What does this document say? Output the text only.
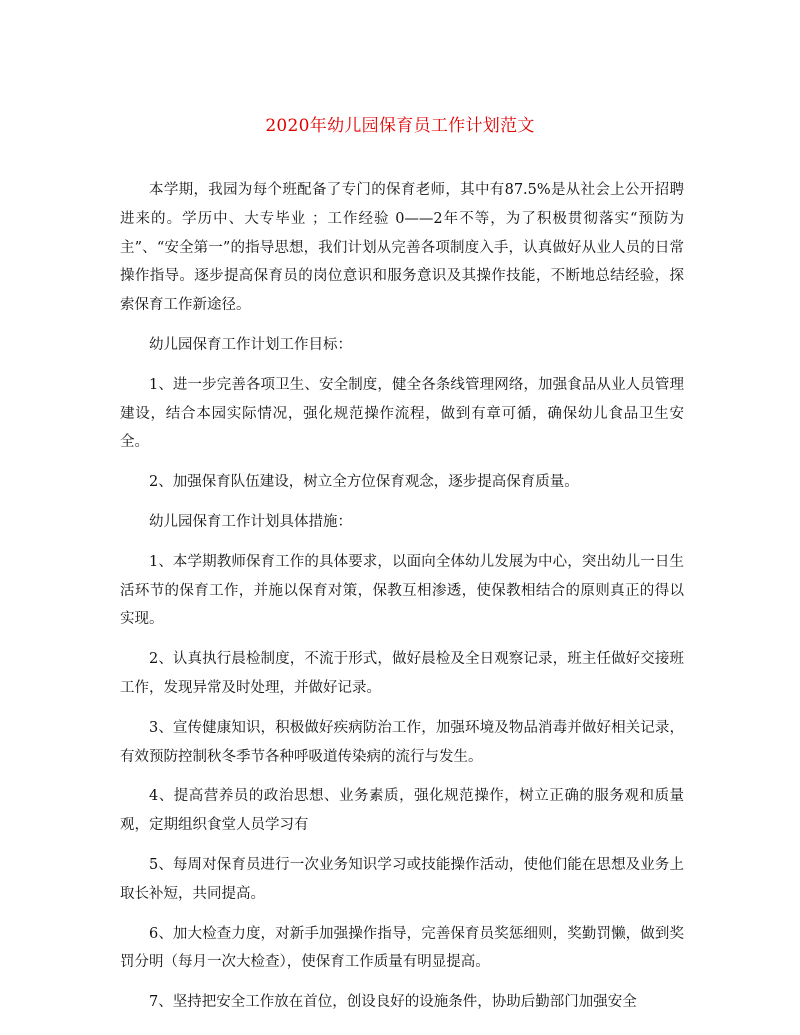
2020年幼儿园保育员工作计划范文

本学期，我园为每个班配备了专门的保育老师，其中有87.5%是从社会上公开招聘进来的。学历中、大专毕业 ；工作经验 0——2年不等，为了积极贯彻落实“预防为主”、“安全第一”的指导思想，我们计划从完善各项制度入手，认真做好从业人员的日常操作指导。逐步提高保育员的岗位意识和服务意识及其操作技能，不断地总结经验，探索保育工作新途径。

幼儿园保育工作计划工作目标：

1、进一步完善各项卫生、安全制度，健全各条线管理网络，加强食品从业人员管理建设，结合本园实际情况，强化规范操作流程，做到有章可循，确保幼儿食品卫生安全。

2、加强保育队伍建设，树立全方位保育观念，逐步提高保育质量。

幼儿园保育工作计划具体措施：

1、本学期教师保育工作的具体要求，以面向全体幼儿发展为中心，突出幼儿一日生活环节的保育工作，并施以保育对策，保教互相渗透，使保教相结合的原则真正的得以实现。

2、认真执行晨检制度，不流于形式，做好晨检及全日观察记录，班主任做好交接班工作，发现异常及时处理，并做好记录。

3、宣传健康知识，积极做好疾病防治工作，加强环境及物品消毒并做好相关记录，有效预防控制秋冬季节各种呼吸道传染病的流行与发生。

4、提高营养员的政治思想、业务素质，强化规范操作，树立正确的服务观和质量观，定期组织食堂人员学习有

5、每周对保育员进行一次业务知识学习或技能操作活动，使他们能在思想及业务上取长补短，共同提高。

6、加大检查力度，对新手加强操作指导，完善保育员奖惩细则，奖勤罚懒，做到奖罚分明（每月一次大检查），使保育工作质量有明显提高。

7、坚持把安全工作放在首位，创设良好的设施条件，协助后勤部门加强安全
